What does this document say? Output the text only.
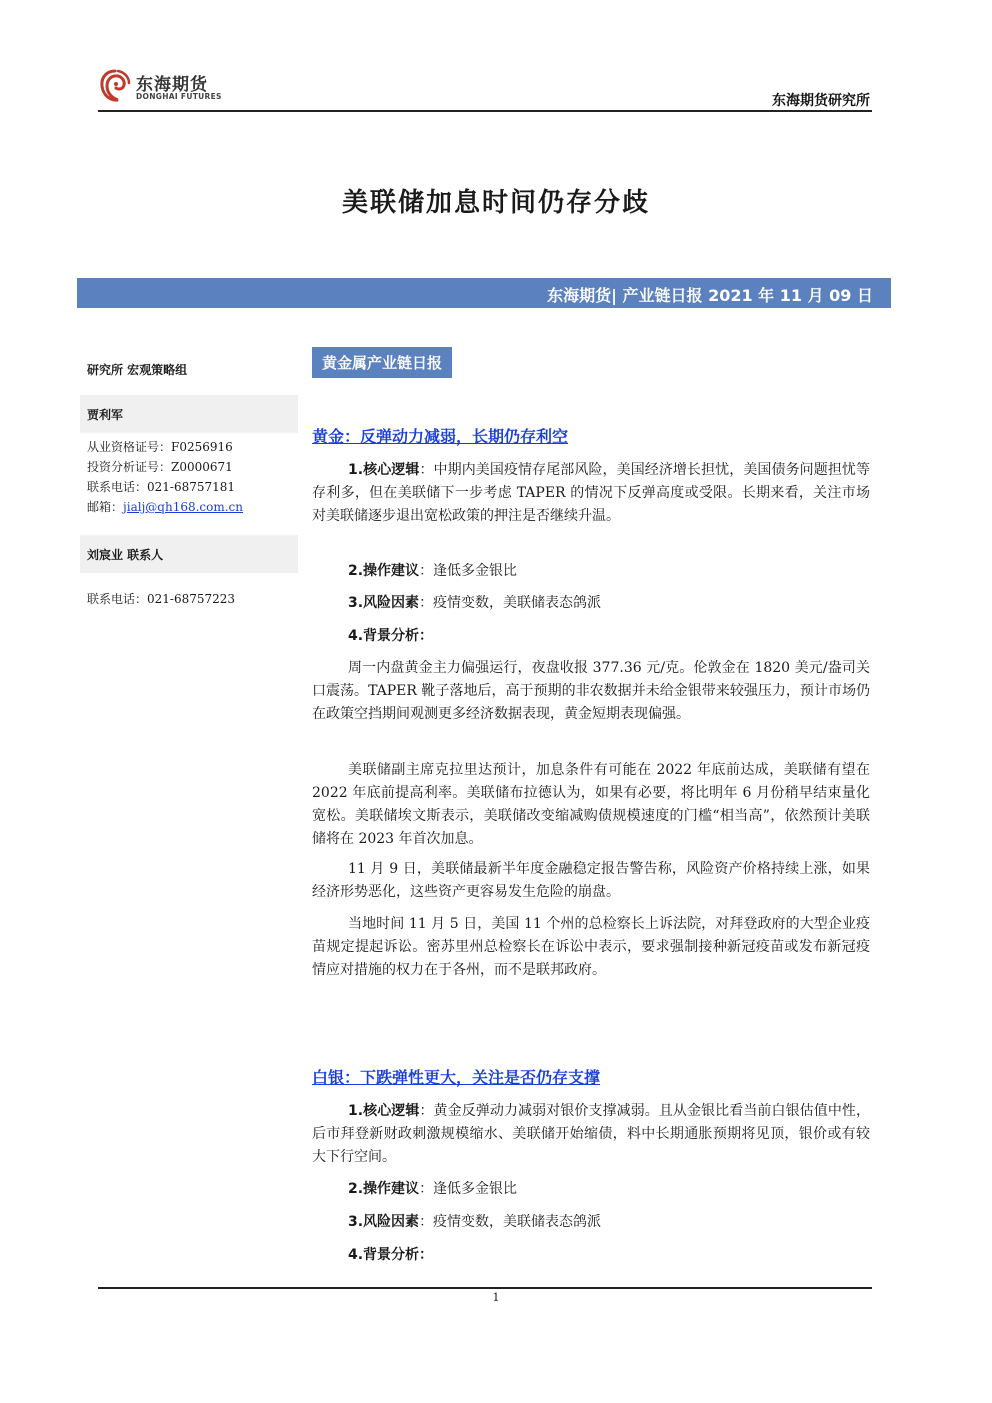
东海期货
DONGHAI FUTURES	东海期货研究所
美联储加息时间仍存分歧
东海期货| 产业链日报 2021 年 11 月 09 日
研究所 宏观策略组
贾利军
从业资格证号：F0256916
投资分析证号：Z0000671
联系电话：021-68757181
邮箱：jialj@qh168.com.cn
刘宸业 联系人
联系电话：021-68757223
黄金属产业链日报
黄金：反弹动力减弱，长期仍存利空
1.核心逻辑：中期内美国疫情存尾部风险，美国经济增长担忧，美国债务问题担忧等存利多，但在美联储下一步考虑 TAPER 的情况下反弹高度或受限。长期来看，关注市场对美联储逐步退出宽松政策的押注是否继续升温。
2.操作建议：逢低多金银比
3.风险因素：疫情变数，美联储表态鸽派
4.背景分析：
周一内盘黄金主力偏强运行，夜盘收报 377.36 元/克。伦敦金在 1820 美元/盎司关口震荡。TAPER 靴子落地后，高于预期的非农数据并未给金银带来较强压力，预计市场仍在政策空挡期间观测更多经济数据表现，黄金短期表现偏强。
美联储副主席克拉里达预计，加息条件有可能在 2022 年底前达成，美联储有望在 2022 年底前提高利率。美联储布拉德认为，如果有必要，将比明年 6 月份稍早结束量化宽松。美联储埃文斯表示，美联储改变缩减购债规模速度的门槛“相当高”，依然预计美联储将在 2023 年首次加息。
11 月 9 日，美联储最新半年度金融稳定报告警告称，风险资产价格持续上涨，如果经济形势恶化，这些资产更容易发生危险的崩盘。
当地时间 11 月 5 日，美国 11 个州的总检察长上诉法院，对拜登政府的大型企业疫苗规定提起诉讼。密苏里州总检察长在诉讼中表示，要求强制接种新冠疫苗或发布新冠疫情应对措施的权力在于各州，而不是联邦政府。
白银：下跌弹性更大，关注是否仍存支撑
1.核心逻辑：黄金反弹动力减弱对银价支撑减弱。且从金银比看当前白银估值中性，后市拜登新财政刺激规模缩水、美联储开始缩债，料中长期通胀预期将见顶，银价或有较大下行空间。
2.操作建议：逢低多金银比
3.风险因素：疫情变数，美联储表态鸽派
4.背景分析：
1
